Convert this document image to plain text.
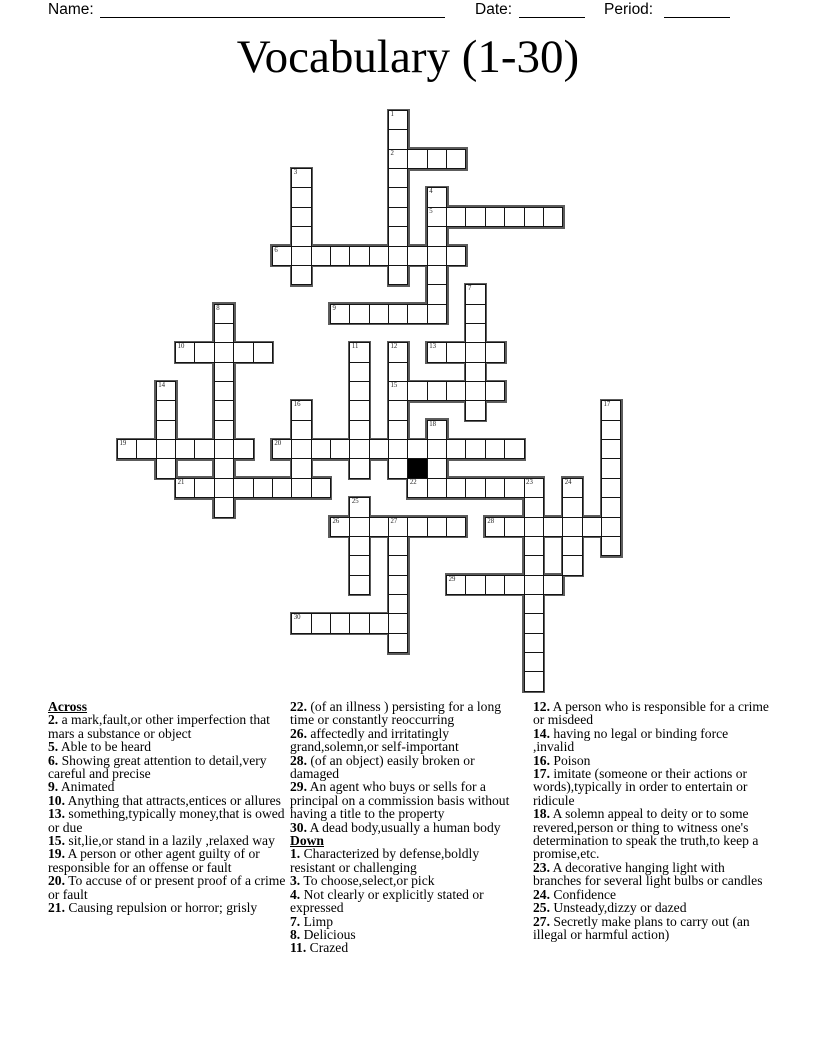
Name:	Date:	Period:
Vocabulary (1-30)
1
2
3
4
5
6
7
8	9
10	11	12
15
13
14
16	17
18
19	20
21	22	23	24
25
26	27	28
29
30
Across
2. a mark,fault,or other imperfection that mars a substance or object
5. Able to be heard
6. Showing great attention to detail,very careful and precise
9. Animated
10. Anything that attracts,entices or allures
13. something,typically money,that is owed or due
15. sit,lie,or stand in a lazily ,relaxed way
19. A person or other agent guilty of or responsible for an offense or fault
20. To accuse of or present proof of a crime or fault
21. Causing repulsion or horror; grisly
22. (of an illness ) persisting for a long time or constantly reoccurring
26. affectedly and irritatingly grand,solemn,or self-important
28. (of an object) easily broken or damaged
29. An agent who buys or sells for a principal on a commission basis without having a title to the property
30. A dead body,usually a human body
Down
1. Characterized by defense,boldly resistant or challenging
3. To choose,select,or pick
4. Not clearly or explicitly stated or expressed
7. Limp
8. Delicious
11. Crazed
12. A person who is responsible for a crime or misdeed
14. having no legal or binding force ,invalid
16. Poison
17. imitate (someone or their actions or words),typically in order to entertain or ridicule
18. A solemn appeal to deity or to some revered,person or thing to witness one's determination to speak the truth,to keep a promise,etc.
23. A decorative hanging light with branches for several light bulbs or candles
24. Confidence
25. Unsteady,dizzy or dazed
27. Secretly make plans to carry out (an illegal or harmful action)
